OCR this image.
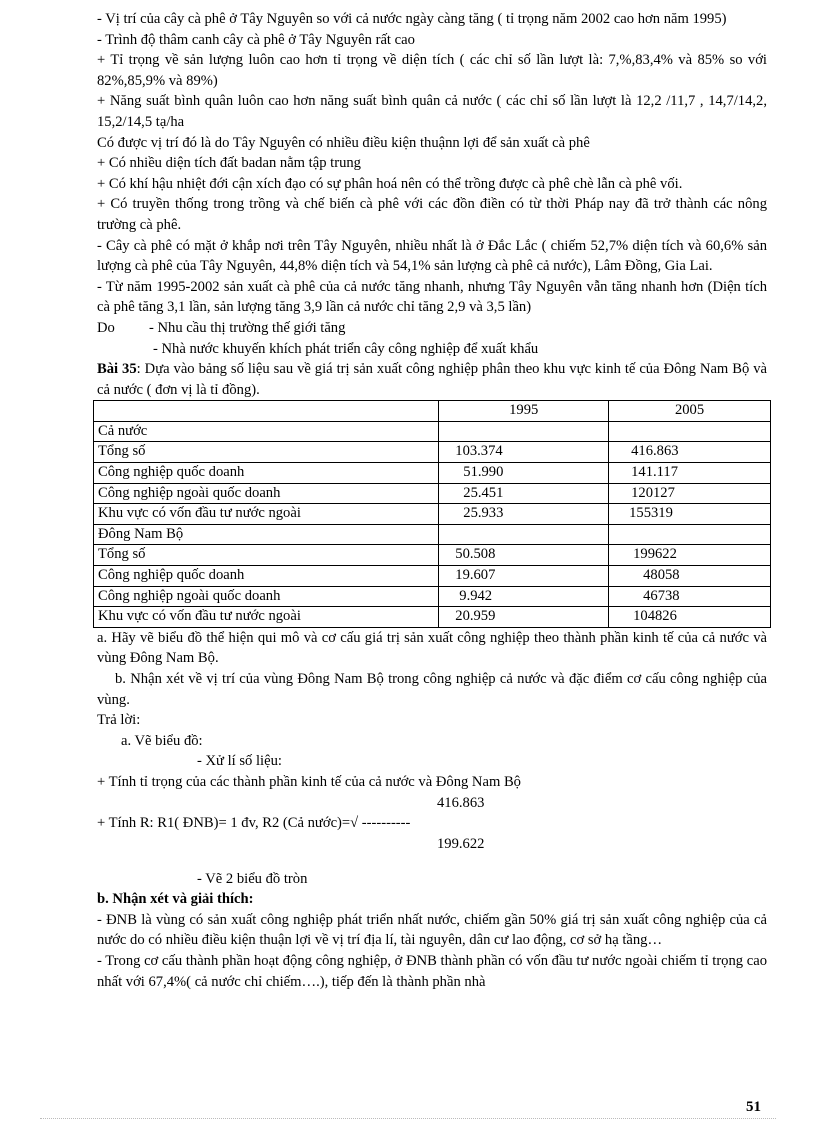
- Vị trí của cây cà phê ở Tây Nguyên so với cả nước ngày càng tăng ( tỉ trọng năm 2002 cao hơn năm 1995)

- Trình độ thâm canh cây cà phê ở Tây Nguyên rất cao

+ Tỉ trọng về sản lượng luôn cao hơn tỉ trọng về diện tích ( các chỉ số lần lượt là: 7,%,83,4% và 85% so với 82%,85,9% và 89%)

+ Năng suất bình quân luôn cao hơn năng suất bình quân cả nước ( các chỉ số lần lượt là 12,2 /11,7 , 14,7/14,2, 15,2/14,5 tạ/ha

Có được vị trí đó là do Tây Nguyên có nhiều điều kiện thuậnn lợi để sản xuất cà phê

+ Có nhiều diện tích đất badan nằm tập trung

+ Có khí hậu nhiệt đới cận xích đạo có sự phân hoá nên có thể trồng được cà phê chè lẫn cà phê vối.

+ Có truyền thống trong trồng và chế biến cà phê với các đồn điền có từ thời Pháp nay đã trở thành các nông trường cà phê.

- Cây cà phê có mặt ở khắp nơi trên Tây Nguyên, nhiều nhất là ở Đắc Lắc ( chiếm 52,7% diện tích và 60,6% sản lượng cà phê của Tây Nguyên, 44,8% diện tích và 54,1% sản lượng cà phê cả nước), Lâm Đồng, Gia Lai.

- Từ năm 1995-2002 sản xuất cà phê của cả nước tăng nhanh, nhưng Tây Nguyên vẫn tăng nhanh hơn (Diện tích cà phê tăng 3,1 lần, sản lượng tăng 3,9 lần cả nước chỉ tăng 2,9 và 3,5 lần)

Do	- Nhu cầu thị trường thế giới tăng
- Nhà nước khuyến khích phát triển cây công nghiệp để xuất khẩu

Bài 35: Dựa vào bảng số liệu sau về giá trị sản xuất công nghiệp phân theo khu vực kinh tế của Đông Nam Bộ và cả nước ( đơn vị là tỉ đồng).

	1995	2005
Cả nước		
Tổng số	103.374	416.863
Công nghiệp quốc doanh	51.990	141.117
Công nghiệp ngoài quốc doanh	25.451	120127
Khu vực có vốn đầu tư nước ngoài	25.933	155319
Đông Nam Bộ		
Tổng số	50.508	199622
Công nghiệp quốc doanh	19.607	48058
Công nghiệp ngoài quốc doanh	9.942	46738
Khu vực có vốn đầu tư nước ngoài	20.959	104826

a. Hãy vẽ biểu đồ thể hiện qui mô và cơ cấu giá trị sản xuất công nghiệp theo thành phần kinh tế của cả nước và vùng Đông Nam Bộ.

b. Nhận xét về vị trí của vùng Đông Nam Bộ trong công nghiệp cả nước và đặc điểm cơ cấu công nghiệp của vùng.

Trả lời:

a. Vẽ biểu đồ:

- Xử lí số liệu:

+ Tính tỉ trọng của các thành phần kinh tế của cả nước và Đông Nam Bộ

416.863
+ Tính R: R1( ĐNB)= 1 đv, R2 (Cả nước)=√ ----------
199.622

- Vẽ 2 biểu đồ tròn

b. Nhận xét và giải thích:

- ĐNB là vùng có sản xuất công nghiệp phát triển nhất nước, chiếm gần 50% giá trị sản xuất công nghiệp của cả nước do có nhiều điều kiện thuận lợi về vị trí địa lí, tài nguyên, dân cư lao động, cơ sở hạ tầng…

- Trong cơ cấu thành phần hoạt động công nghiệp, ở ĐNB thành phần có vốn đầu tư nước ngoài chiếm tỉ trọng cao nhất với 67,4%( cả nước chỉ chiếm….), tiếp đến là thành phần nhà

51
